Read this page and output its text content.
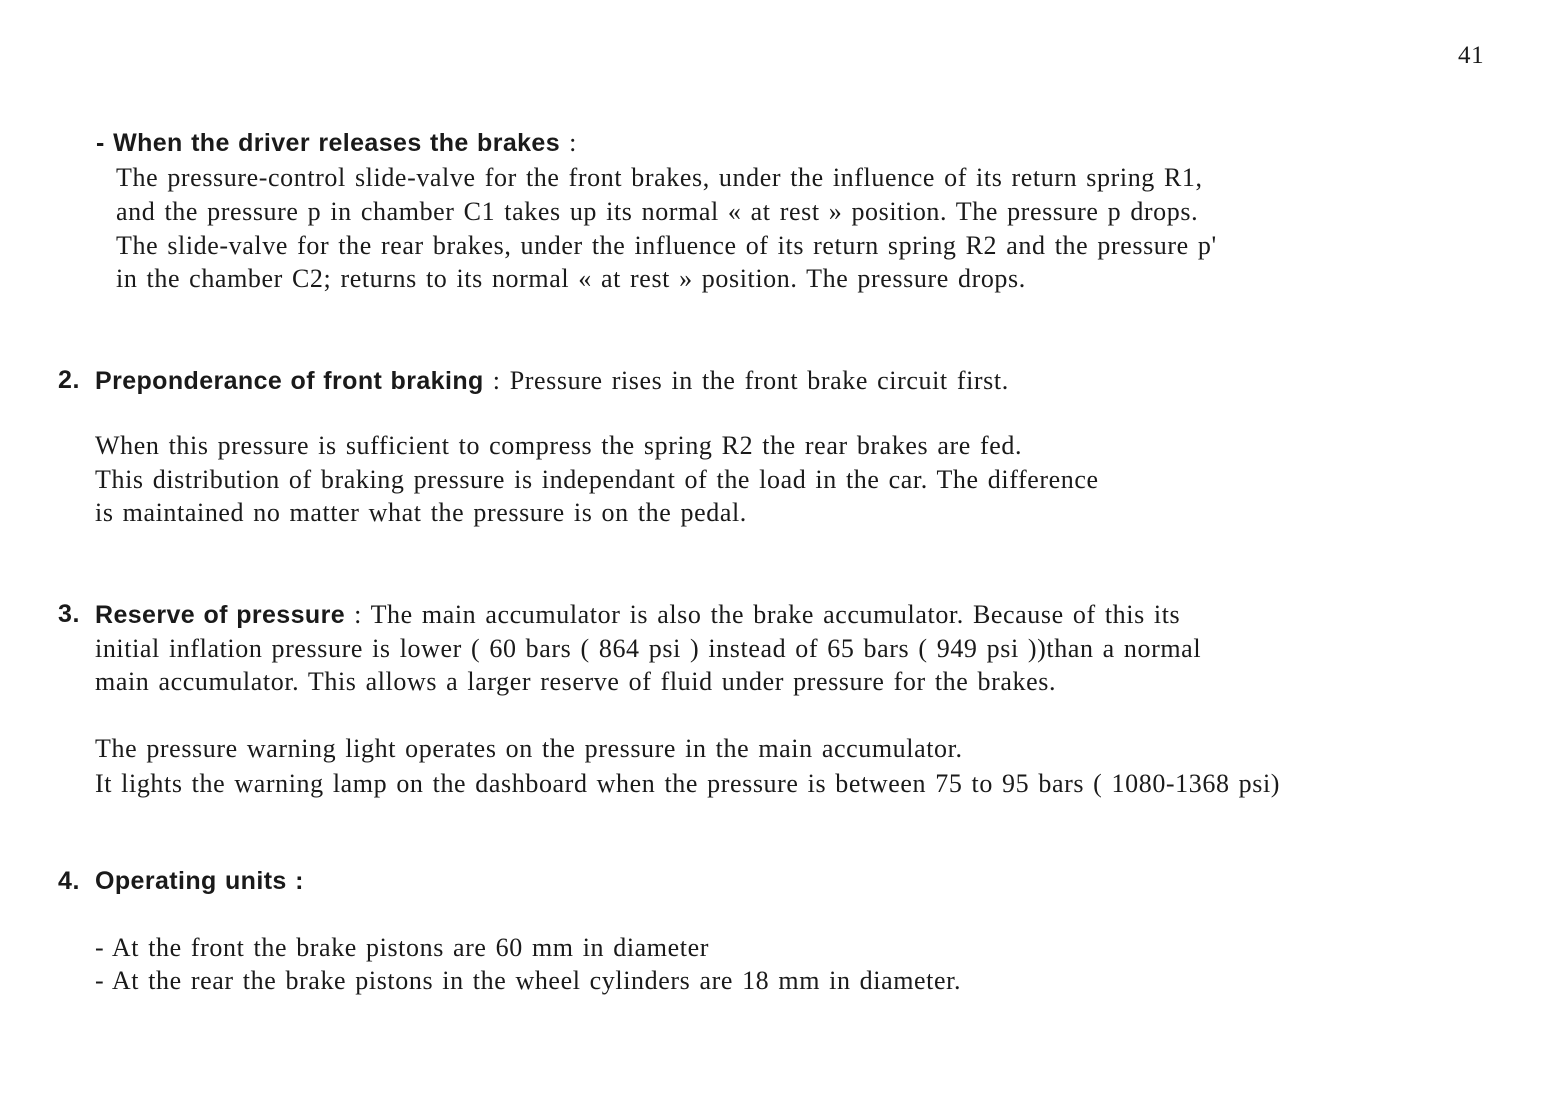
41
- When the driver releases the brakes :
The pressure-control slide-valve for the front brakes, under the influence of its return spring R1,
and the pressure p in chamber C1 takes up its normal « at rest » position. The pressure p drops.
The slide-valve for the rear brakes, under the influence of its return spring R2 and the pressure p'
in the chamber C2; returns to its normal « at rest » position. The pressure drops.
2. Preponderance of front braking : Pressure rises in the front brake circuit first.
When this pressure is sufficient to compress the spring R2 the rear brakes are fed.
This distribution of braking pressure is independant of the load in the car. The difference
is maintained no matter what the pressure is on the pedal.
3. Reserve of pressure : The main accumulator is also the brake accumulator. Because of this its
initial inflation pressure is lower ( 60 bars ( 864 psi ) instead of 65 bars ( 949 psi ))than a normal
main accumulator. This allows a larger reserve of fluid under pressure for the brakes.
The pressure warning light operates on the pressure in the main accumulator.
It lights the warning lamp on the dashboard when the pressure is between 75 to 95 bars ( 1080-1368 psi)
4. Operating units :
- At the front the brake pistons are 60 mm in diameter
- At the rear the brake pistons in the wheel cylinders are 18 mm in diameter.
